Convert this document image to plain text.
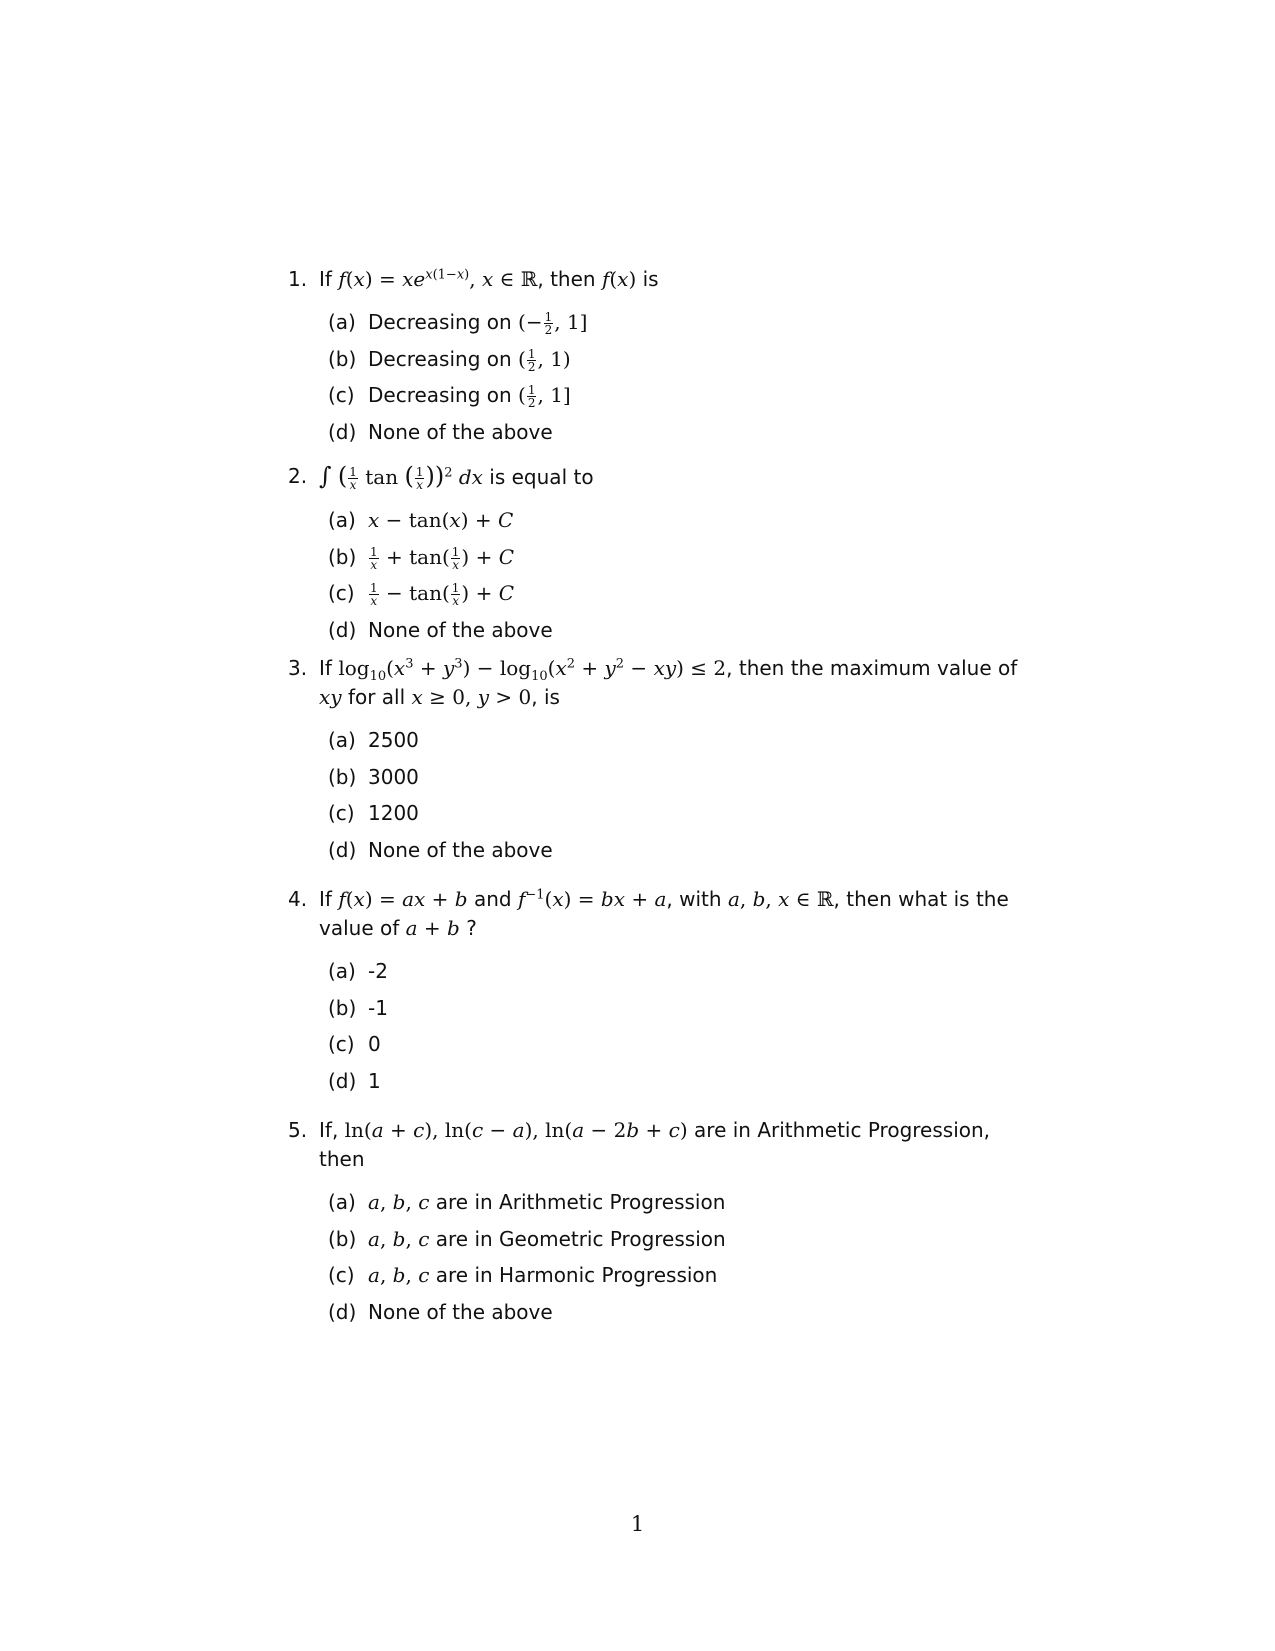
1. If $f(x) = xe^{x(1-x)}$, x ∈ ℝ, then f(x) is
(a) Decreasing on (− $\frac{1}{2}$ , 1]
(b) Decreasing on ( $\frac{1}{2}$ , 1)
(c) Decreasing on ( $\frac{1}{2}$ , 1]
(d) None of the above
2. ∫ ( $\frac{1}{x}$ tan ( $\frac{1}{x} ))^2$ dx is equal to
(a) x − tan(x) + C
$(b) \frac{1}{x} + \tan( \frac{1}{x}$ ) + C
$(c) \frac{1}{x} - \tan( \frac{1}{x}$ ) + C
(d) None of the above
3. If $\log_{10}(x^3 + y^3) - \log_{10}(x^2 + y^2 - xy) \le 2$, then the maximum value of
xy for all x ≥ 0, y > 0, is
(a) 2500
(b) 3000
(c) 1200
(d) None of the above
4. If f(x) = ax + b and $f^{-1}(x)$ = bx + a, with a, b, x ∈ ℝ, then what is the
value of a + b ?
(a) -2
(b) -1
(c) 0
(d) 1
5. If, ln(a + c), ln(c − a), ln(a − 2b + c) are in Arithmetic Progression, then
(a) a, b, c are in Arithmetic Progression
(b) a, b, c are in Geometric Progression
(c) a, b, c are in Harmonic Progression
(d) None of the above
1
